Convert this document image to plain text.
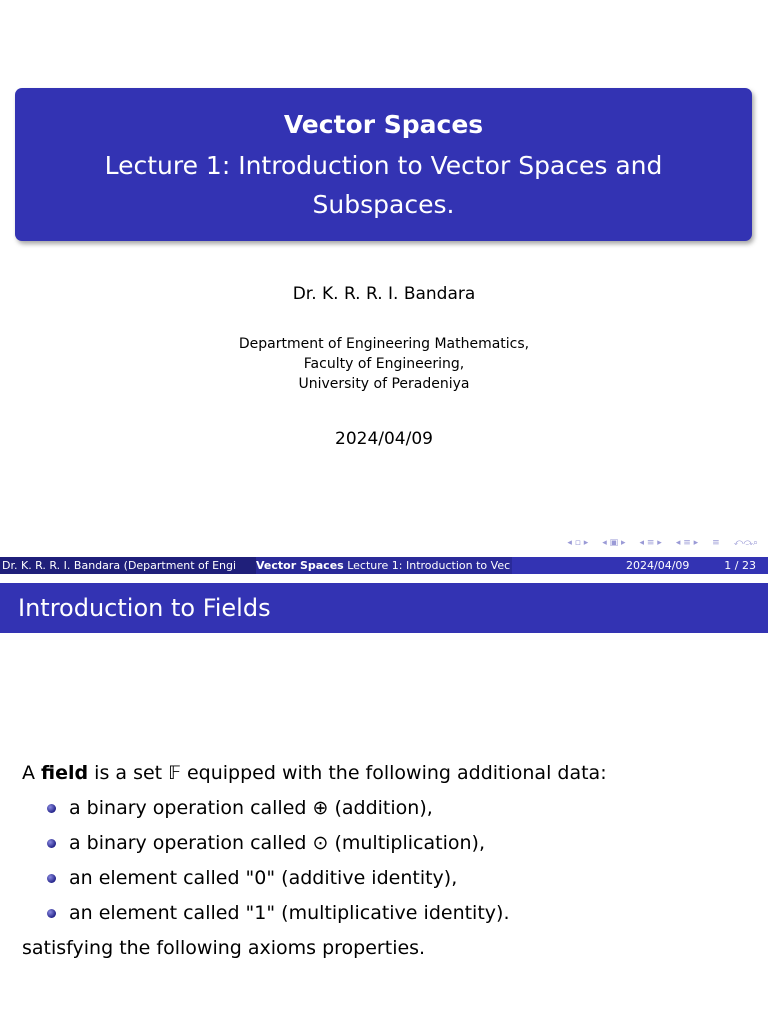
Vector Spaces
Lecture 1: Introduction to Vector Spaces and Subspaces.
Dr. K. R. R. I. Bandara
Department of Engineering Mathematics,
Faculty of Engineering,
University of Peradeniya
2024/04/09
◂ ▫ ▸ ◂ ▣ ▸ ◂ ≡ ▸ ◂ ≡ ▸ ≡ ⤺⤼⌕
Dr. K. R. R. I. Bandara (Department of Engi	Vector Spaces Lecture 1: Introduction to Vec	2024/04/09	1 / 23
Introduction to Fields
A field is a set 𝔽 equipped with the following additional data:
a binary operation called ⊕ (addition),
a binary operation called ⊙ (multiplication),
an element called "0" (additive identity),
an element called "1" (multiplicative identity).
satisfying the following axioms properties.
